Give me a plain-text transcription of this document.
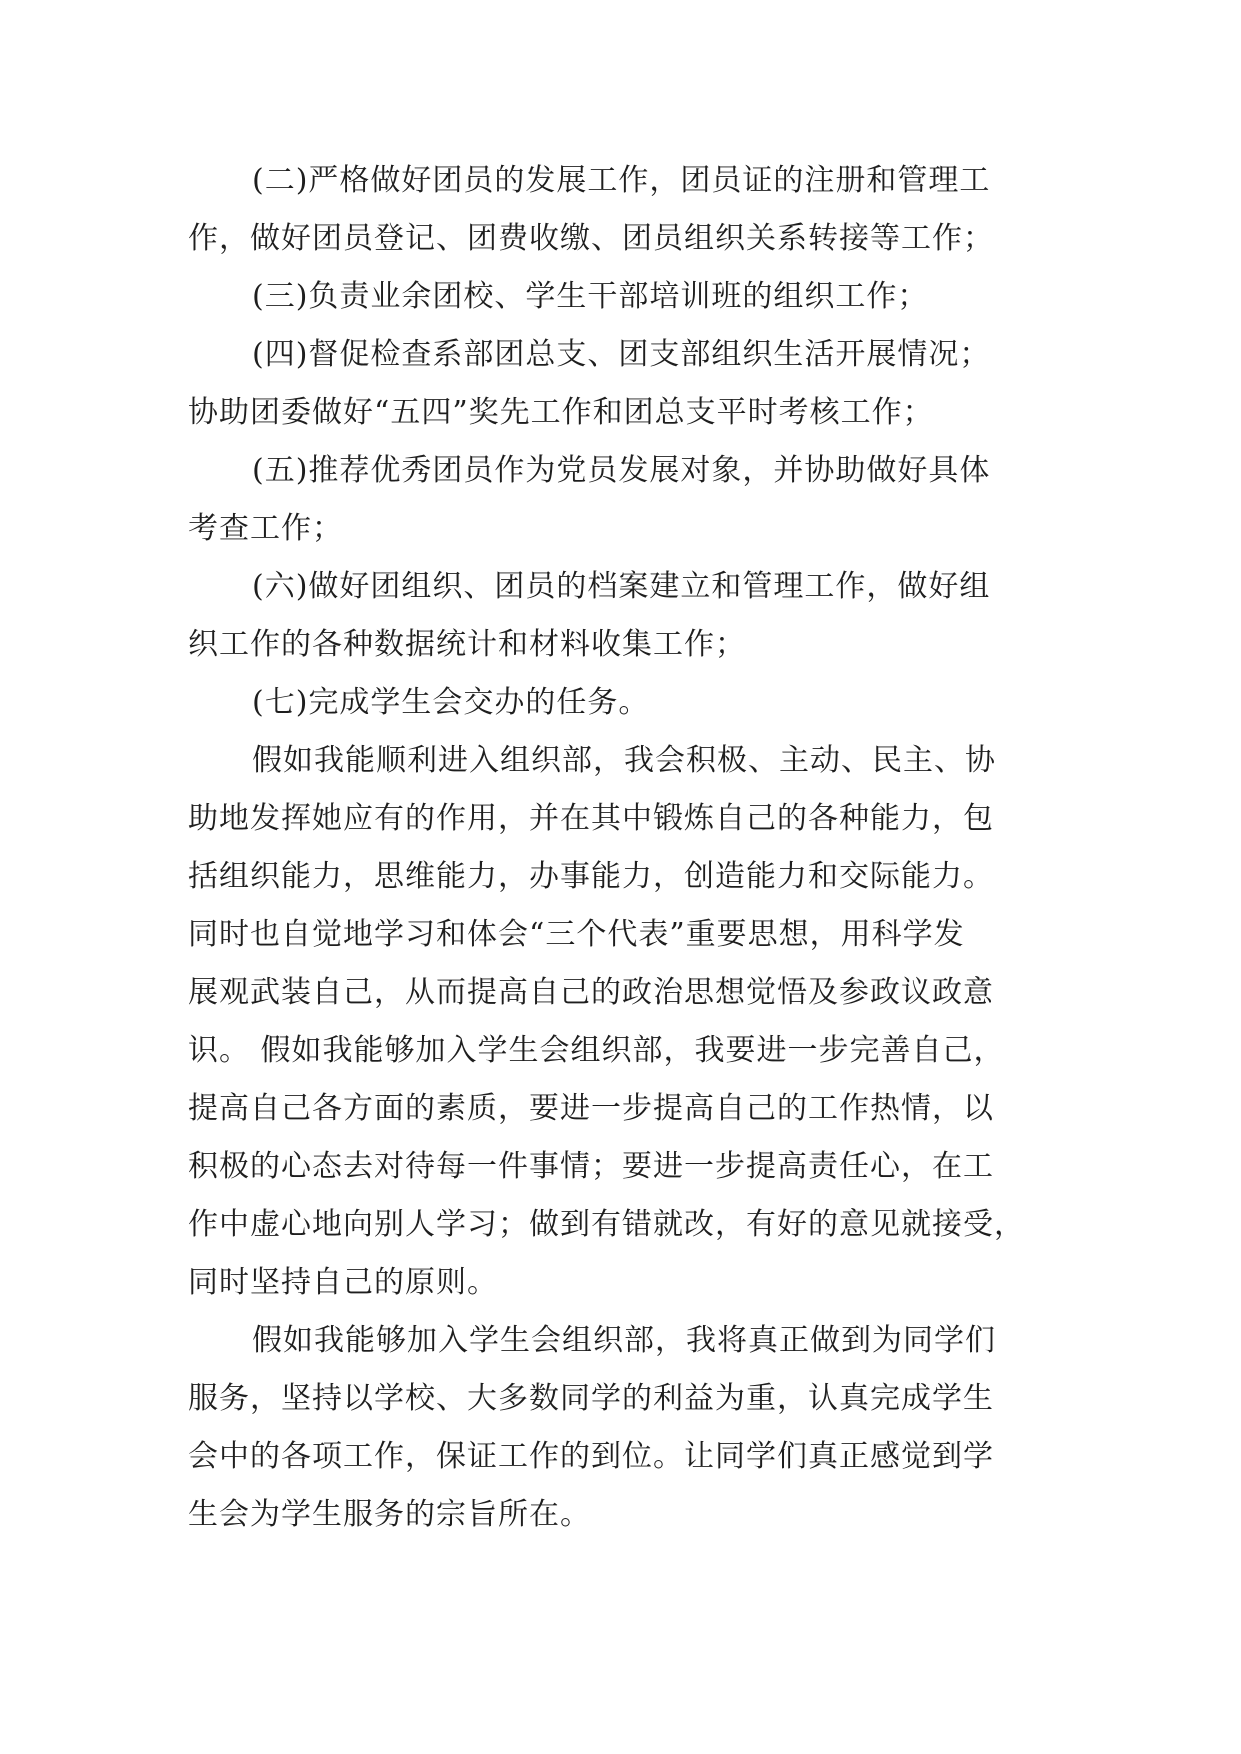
(二)严格做好团员的发展工作，团员证的注册和管理工
作，做好团员登记、团费收缴、团员组织关系转接等工作；
(三)负责业余团校、学生干部培训班的组织工作；
(四)督促检查系部团总支、团支部组织生活开展情况；
协助团委做好“五四”奖先工作和团总支平时考核工作；
(五)推荐优秀团员作为党员发展对象，并协助做好具体
考查工作；
(六)做好团组织、团员的档案建立和管理工作，做好组
织工作的各种数据统计和材料收集工作；
(七)完成学生会交办的任务。
假如我能顺利进入组织部，我会积极、主动、民主、协
助地发挥她应有的作用，并在其中锻炼自己的各种能力，包
括组织能力，思维能力，办事能力，创造能力和交际能力。
同时也自觉地学习和体会“三个代表”重要思想，用科学发
展观武装自己，从而提高自己的政治思想觉悟及参政议政意
识。 假如我能够加入学生会组织部，我要进一步完善自己，
提高自己各方面的素质，要进一步提高自己的工作热情，以
积极的心态去对待每一件事情；要进一步提高责任心，在工
作中虚心地向别人学习；做到有错就改，有好的意见就接受，
同时坚持自己的原则。
假如我能够加入学生会组织部，我将真正做到为同学们
服务，坚持以学校、大多数同学的利益为重，认真完成学生
会中的各项工作，保证工作的到位。让同学们真正感觉到学
生会为学生服务的宗旨所在。
